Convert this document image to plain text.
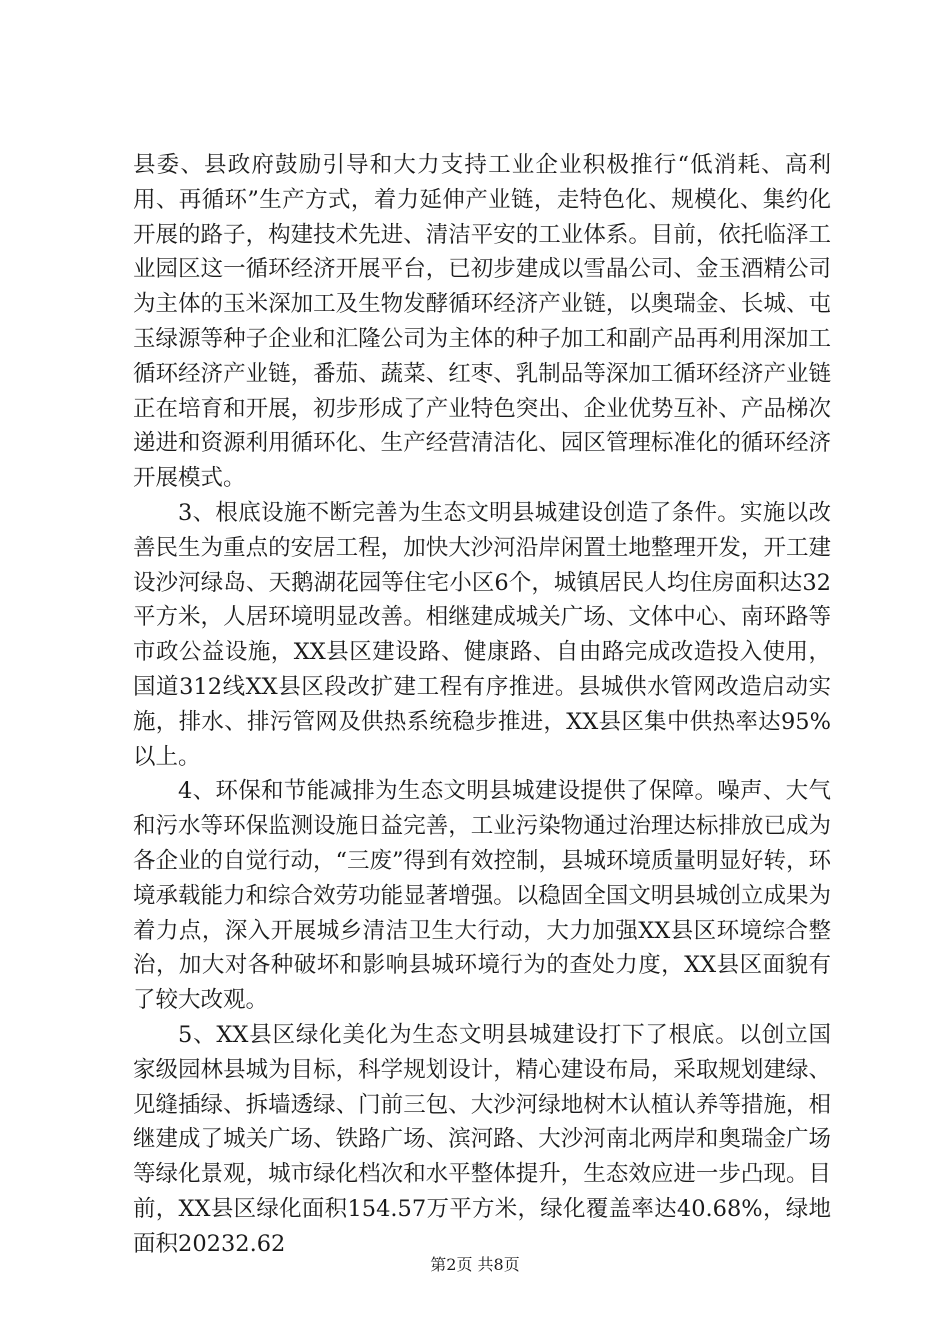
县委、县政府鼓励引导和大力支持工业企业积极推行“低消耗、高利用、再循环”生产方式，着力延伸产业链，走特色化、规模化、集约化开展的路子，构建技术先进、清洁平安的工业体系。目前，依托临泽工业园区这一循环经济开展平台，已初步建成以雪晶公司、金玉酒精公司为主体的玉米深加工及生物发酵循环经济产业链，以奥瑞金、长城、屯玉绿源等种子企业和汇隆公司为主体的种子加工和副产品再利用深加工循环经济产业链，番茄、蔬菜、红枣、乳制品等深加工循环经济产业链正在培育和开展，初步形成了产业特色突出、企业优势互补、产品梯次递进和资源利用循环化、生产经营清洁化、园区管理标准化的循环经济开展模式。

3、根底设施不断完善为生态文明县城建设创造了条件。实施以改善民生为重点的安居工程，加快大沙河沿岸闲置土地整理开发，开工建设沙河绿岛、天鹅湖花园等住宅小区6个，城镇居民人均住房面积达32平方米，人居环境明显改善。相继建成城关广场、文体中心、南环路等市政公益设施，XX县区建设路、健康路、自由路完成改造投入使用，国道312线XX县区段改扩建工程有序推进。县城供水管网改造启动实施，排水、排污管网及供热系统稳步推进，XX县区集中供热率达95%以上。

4、环保和节能减排为生态文明县城建设提供了保障。噪声、大气和污水等环保监测设施日益完善，工业污染物通过治理达标排放已成为各企业的自觉行动，“三废”得到有效控制，县城环境质量明显好转，环境承载能力和综合效劳功能显著增强。以稳固全国文明县城创立成果为着力点，深入开展城乡清洁卫生大行动，大力加强XX县区环境综合整治，加大对各种破坏和影响县城环境行为的查处力度，XX县区面貌有了较大改观。

5、XX县区绿化美化为生态文明县城建设打下了根底。以创立国家级园林县城为目标，科学规划设计，精心建设布局，采取规划建绿、见缝插绿、拆墙透绿、门前三包、大沙河绿地树木认植认养等措施，相继建成了城关广场、铁路广场、滨河路、大沙河南北两岸和奥瑞金广场等绿化景观，城市绿化档次和水平整体提升，生态效应进一步凸现。目前，XX县区绿化面积154.57万平方米，绿化覆盖率达40.68%，绿地面积20232.62

第2页 共8页
